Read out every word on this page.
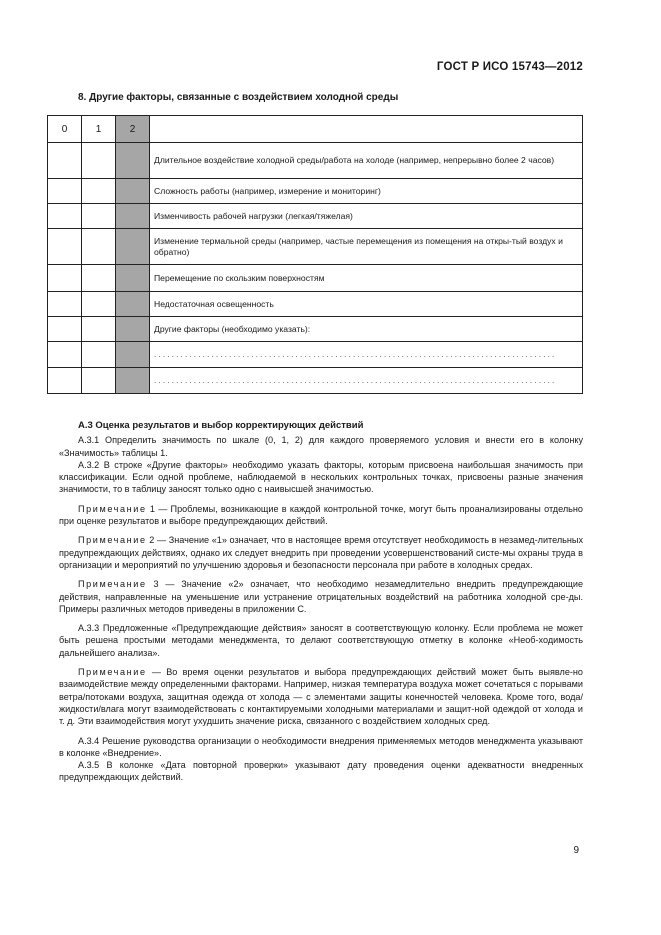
ГОСТ Р ИСО 15743—2012
8. Другие факторы, связанные с воздействием холодной среды
0	1	2	
			Длительное воздействие холодной среды/работа на холоде (например, непрерывно более 2 часов)
			Сложность работы (например, измерение и мониторинг)
			Изменчивость рабочей нагрузки (легкая/тяжелая)
			Изменение термальной среды (например, частые перемещения из помещения на откры-тый воздух и обратно)
			Перемещение по скользким поверхностям
			Недостаточная освещенность
			Другие факторы (необходимо указать):

			...........................................................................................

			...........................................................................................

А.3 Оценка результатов и выбор корректирующих действий

А.3.1 Определить значимость по шкале (0, 1, 2) для каждого проверяемого условия и внести его в колонку «Значимость» таблицы 1.

А.3.2 В строке «Другие факторы» необходимо указать факторы, которым присвоена наибольшая значимость при классификации. Если одной проблеме, наблюдаемой в нескольких контрольных точках, присвоены разные значения значимости, то в таблицу заносят только одно с наивысшей значимостью.

Примечание 1 — Проблемы, возникающие в каждой контрольной точке, могут быть проанализированы отдельно при оценке результатов и выборе предупреждающих действий.

Примечание 2 — Значение «1» означает, что в настоящее время отсутствует необходимость в незамед-лительных предупреждающих действиях, однако их следует внедрить при проведении усовершенствований систе-мы охраны труда в организации и мероприятий по улучшению здоровья и безопасности персонала при работе в холодных средах.

Примечание 3 — Значение «2» означает, что необходимо незамедлительно внедрить предупреждающие действия, направленные на уменьшение или устранение отрицательных воздействий на работника холодной сре-ды. Примеры различных методов приведены в приложении С.

А.3.3 Предложенные «Предупреждающие действия» заносят в соответствующую колонку. Если проблема не может быть решена простыми методами менеджмента, то делают соответствующую отметку в колонке «Необ-ходимость дальнейшего анализа».

Примечание — Во время оценки результатов и выбора предупреждающих действий может быть выявле-но взаимодействие между определенными факторами. Например, низкая температура воздуха может сочетаться с порывами ветра/потоками воздуха, защитная одежда от холода — с элементами защиты конечностей человека. Кроме того, вода/жидкости/влага могут взаимодействовать с контактируемыми холодными материалами и защит-ной одеждой от холода и т. д. Эти взаимодействия могут ухудшить значение риска, связанного с воздействием холодных сред.

А.3.4 Решение руководства организации о необходимости внедрения применяемых методов менеджмента указывают в колонке «Внедрение».

А.3.5 В колонке «Дата повторной проверки» указывают дату проведения оценки адекватности внедренных предупреждающих действий.

9
